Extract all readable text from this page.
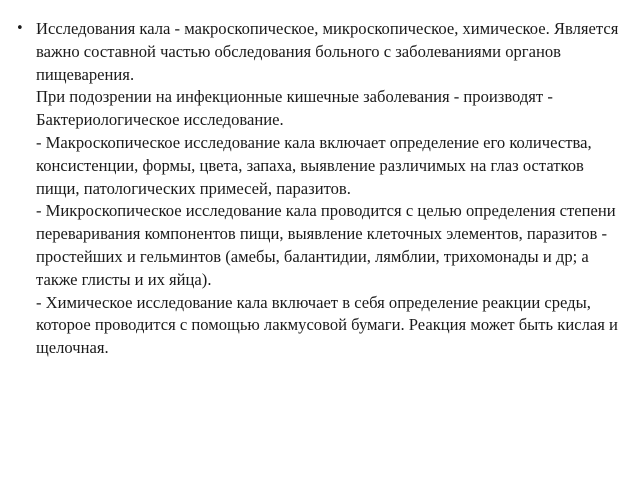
• Исследования кала - макроскопическое, микроскопическое, химическое. Является важно составной частью обследования больного с заболеваниями органов пищеварения.
При подозрении на инфекционные кишечные заболевания - производят - Бактериологическое исследование.
- Макроскопическое исследование кала включает определение его количества, консистенции, формы, цвета, запаха, выявление различимых на глаз остатков пищи, патологических примесей, паразитов.
- Микроскопическое исследование кала проводится с целью определения степени переваривания компонентов пищи, выявление клеточных элементов, паразитов - простейших и гельминтов (амебы, балантидии, лямблии, трихомонады и др; а также глисты и их яйца).
- Химическое исследование кала включает в себя определение реакции среды, которое проводится с помощью лакмусовой бумаги. Реакция может быть кислая и щелочная.
